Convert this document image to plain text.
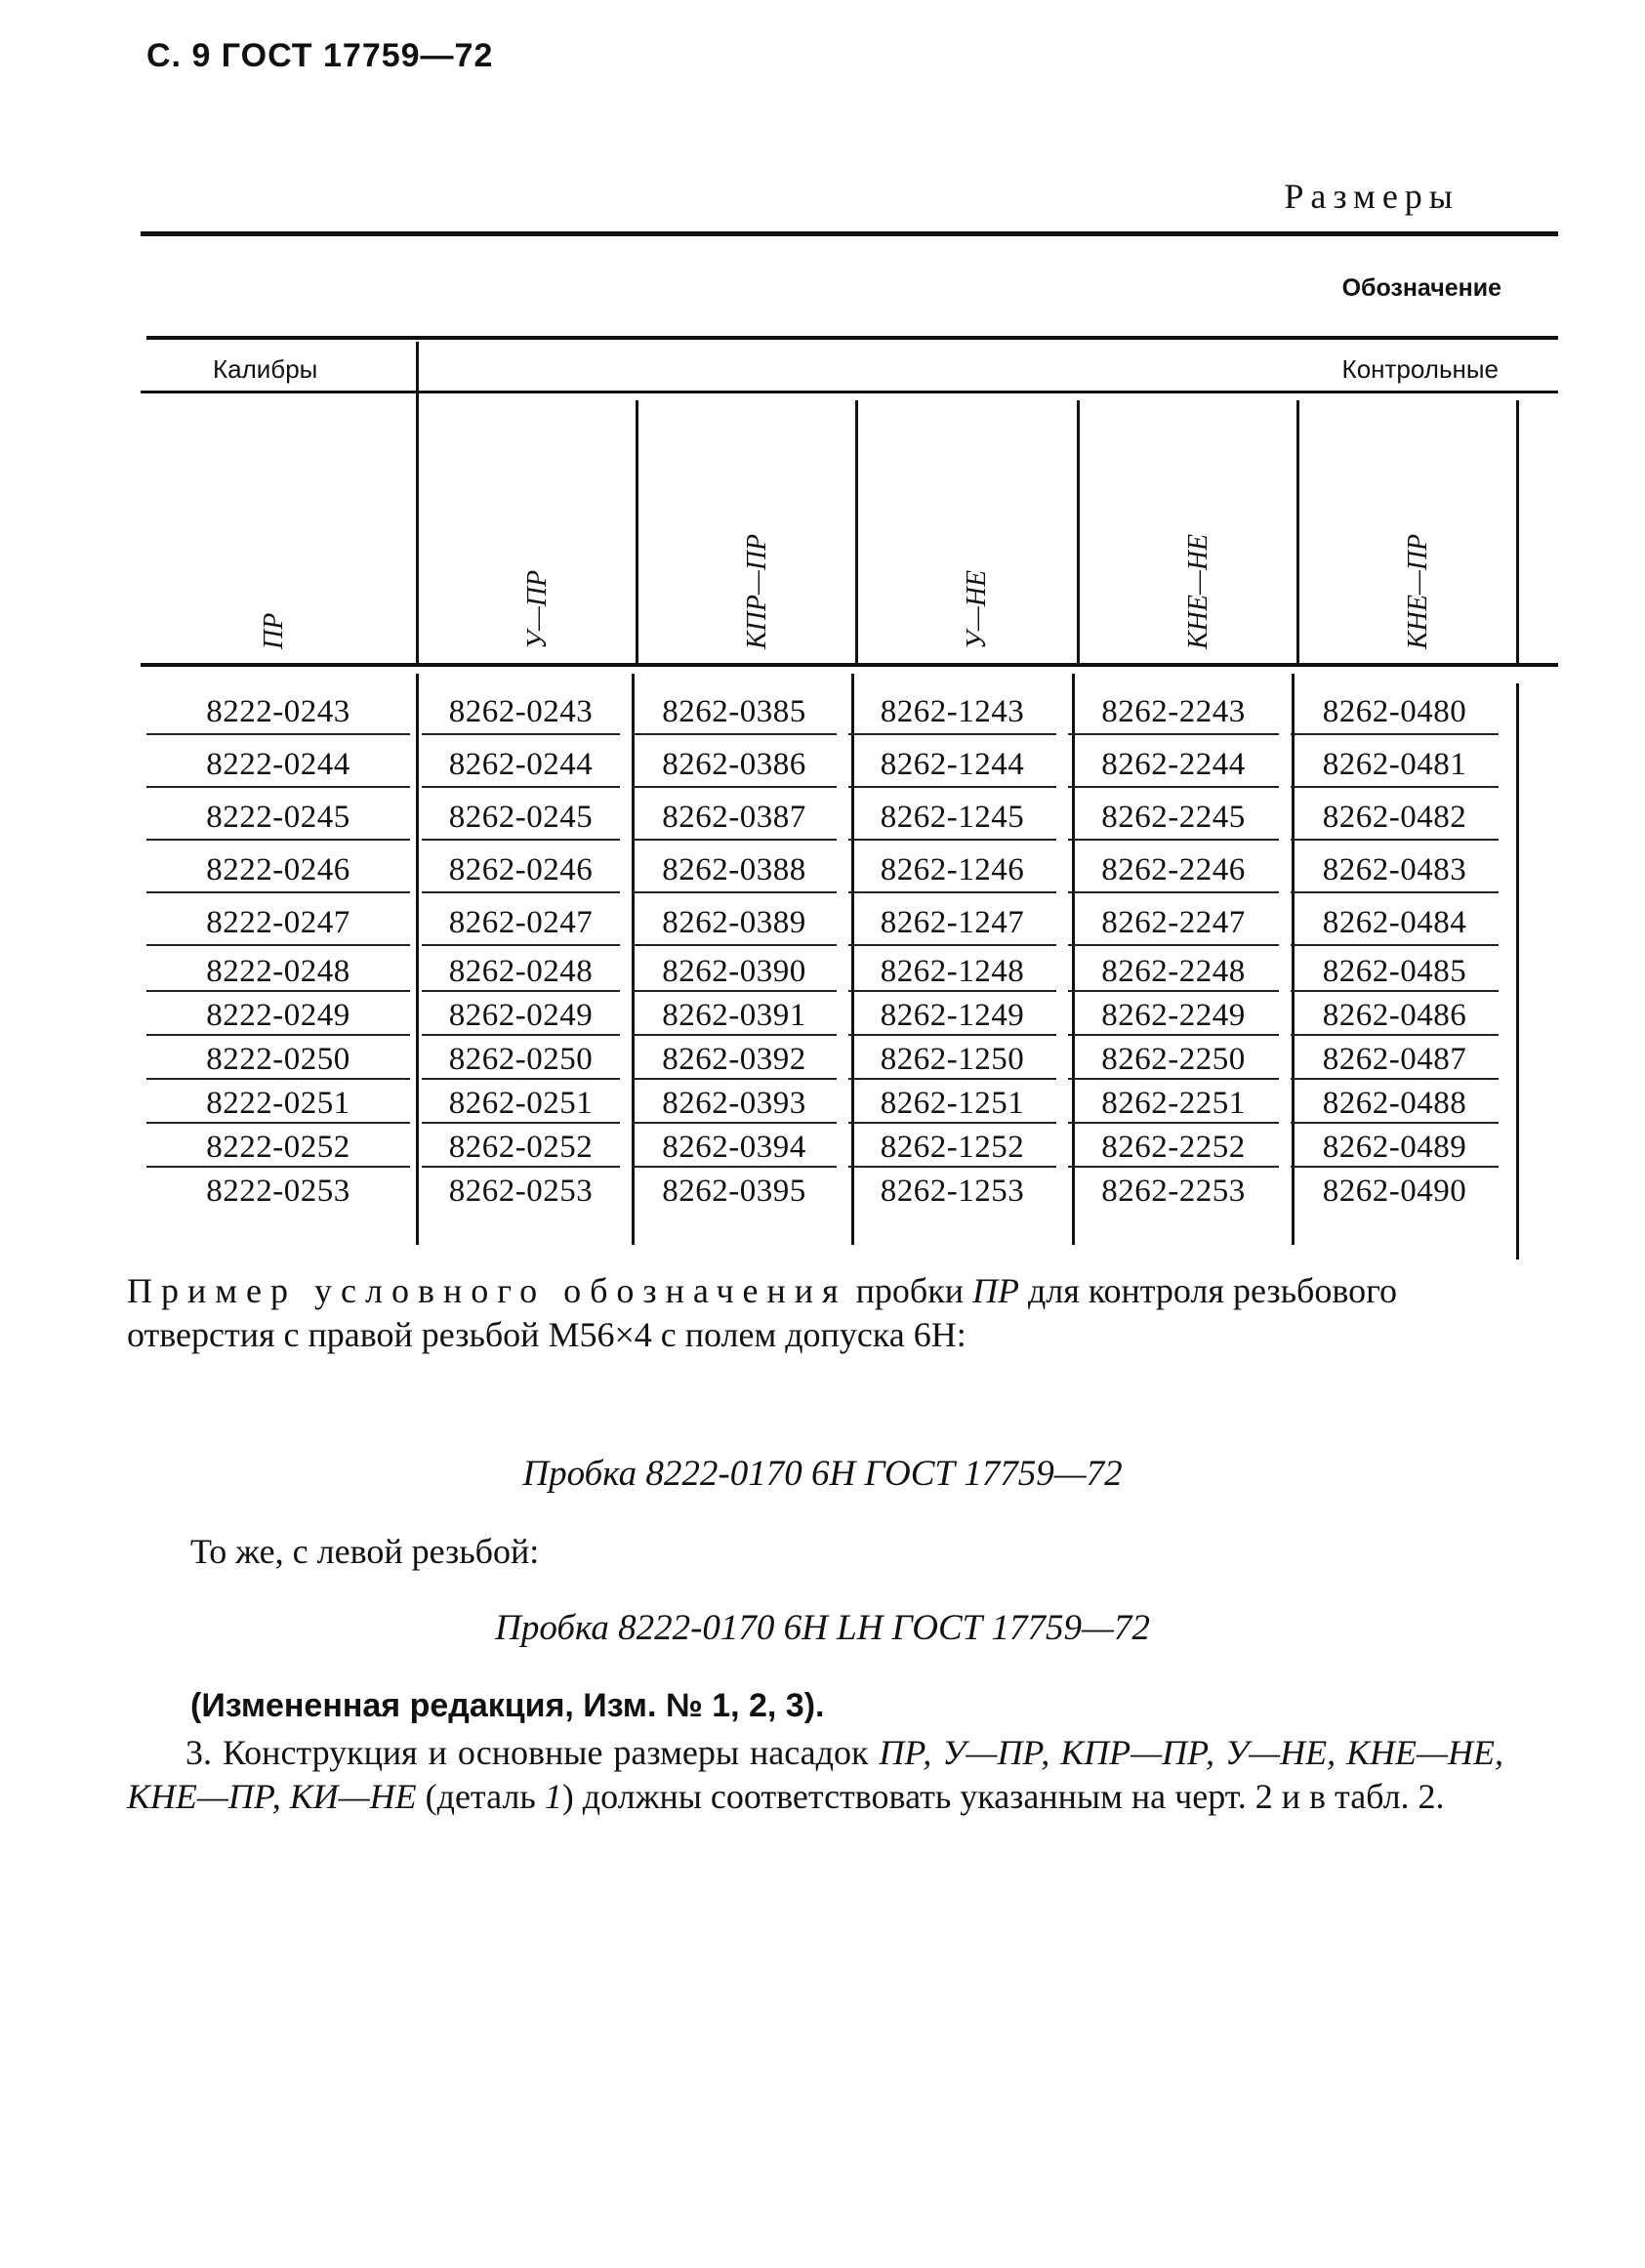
С. 9 ГОСТ 17759—72
Размеры
Обозначение
Калибры	Контрольные
ПР	У—ПР	КПР—ПР	У—НЕ	КНЕ—НЕ	КНЕ—ПР
8222-0243	8262-0243	8262-0385	8262-1243	8262-2243	8262-0480
8222-0244	8262-0244	8262-0386	8262-1244	8262-2244	8262-0481
8222-0245	8262-0245	8262-0387	8262-1245	8262-2245	8262-0482
8222-0246	8262-0246	8262-0388	8262-1246	8262-2246	8262-0483
8222-0247	8262-0247	8262-0389	8262-1247	8262-2247	8262-0484
8222-0248	8262-0248	8262-0390	8262-1248	8262-2248	8262-0485
8222-0249	8262-0249	8262-0391	8262-1249	8262-2249	8262-0486
8222-0250	8262-0250	8262-0392	8262-1250	8262-2250	8262-0487
8222-0251	8262-0251	8262-0393	8262-1251	8262-2251	8262-0488
8222-0252	8262-0252	8262-0394	8262-1252	8262-2252	8262-0489
8222-0253	8262-0253	8262-0395	8262-1253	8262-2253	8262-0490
Пример условного обозначения пробки ПР для контроля резьбового отверстия с правой резьбой М56×4 с полем допуска 6Н:
Пробка 8222-0170 6Н ГОСТ 17759—72
То же, с левой резьбой:
Пробка 8222-0170 6Н LH ГОСТ 17759—72
(Измененная редакция, Изм. № 1, 2, 3).
3. Конструкция и основные размеры насадок ПР, У—ПР, КПР—ПР, У—НЕ, КНЕ—НЕ, КНЕ—ПР, КИ—НЕ (деталь 1) должны соответствовать указанным на черт. 2 и в табл. 2.
